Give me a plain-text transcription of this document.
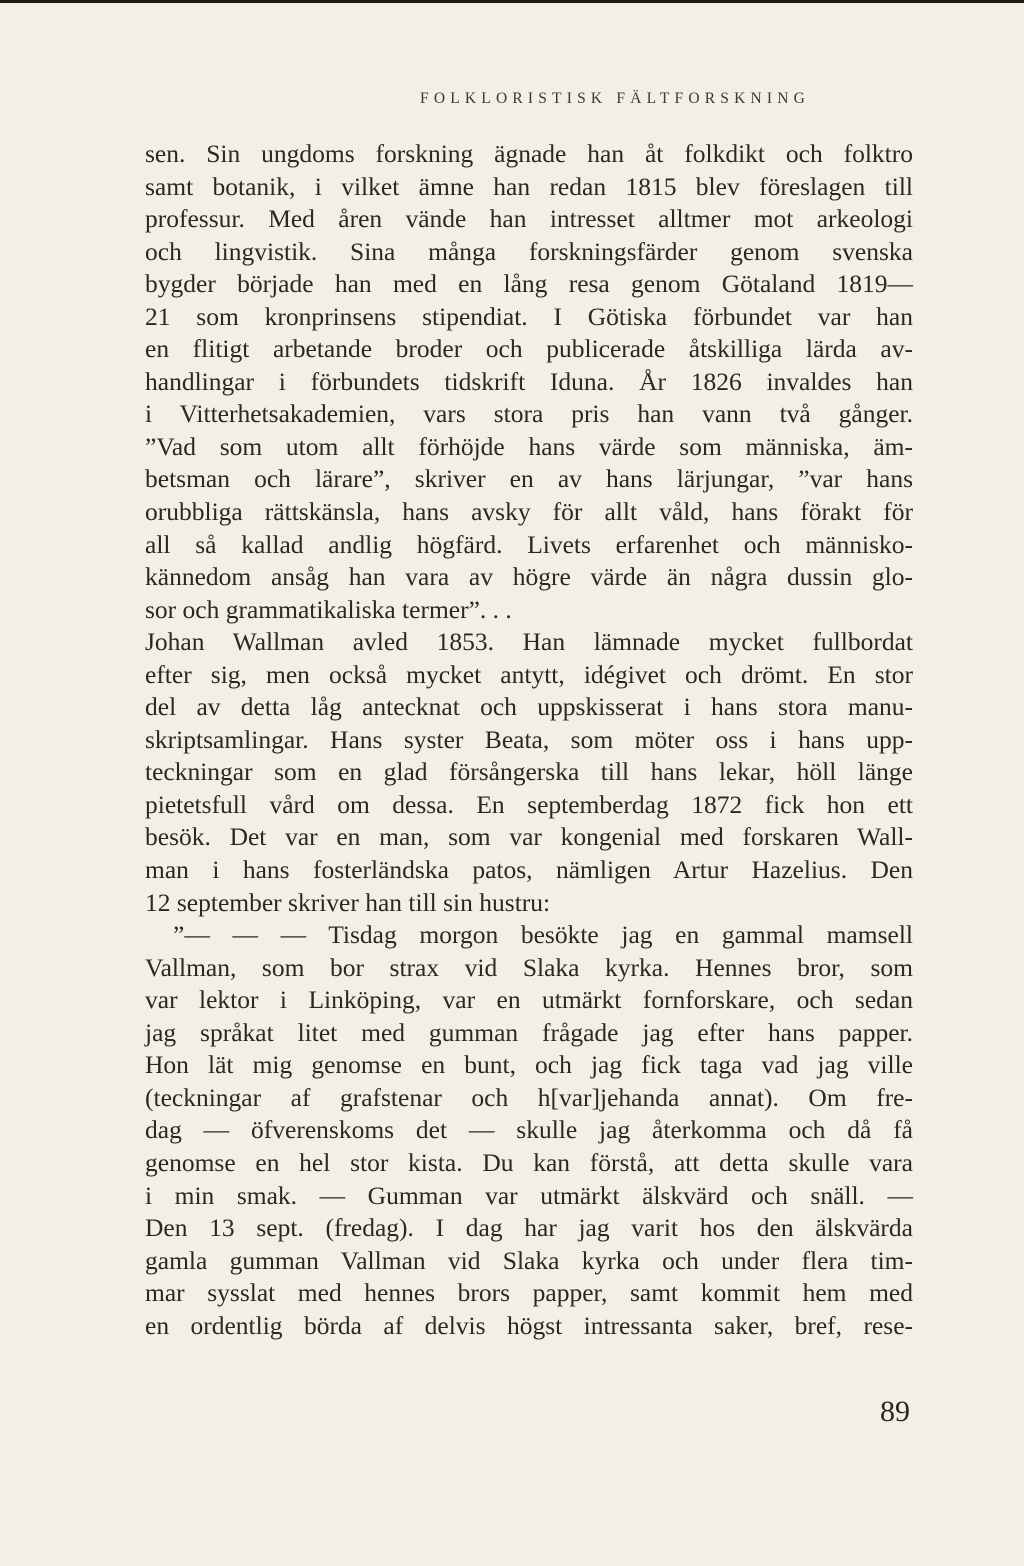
FOLKLORISTISK FÄLTFORSKNING
sen. Sin ungdoms forskning ägnade han åt folkdikt och folktro
samt botanik, i vilket ämne han redan 1815 blev föreslagen till
professur. Med åren vände han intresset alltmer mot arkeologi
och lingvistik. Sina många forskningsfärder genom svenska
bygder började han med en lång resa genom Götaland 1819—
21 som kronprinsens stipendiat. I Götiska förbundet var han
en flitigt arbetande broder och publicerade åtskilliga lärda av-
handlingar i förbundets tidskrift Iduna. År 1826 invaldes han
i Vitterhetsakademien, vars stora pris han vann två gånger.
”Vad som utom allt förhöjde hans värde som människa, äm-
betsman och lärare”, skriver en av hans lärjungar, ”var hans
orubbliga rättskänsla, hans avsky för allt våld, hans förakt för
all så kallad andlig högfärd. Livets erfarenhet och människo-
kännedom ansåg han vara av högre värde än några dussin glo-
sor och grammatikaliska termer”. . .
Johan Wallman avled 1853. Han lämnade mycket fullbordat
efter sig, men också mycket antytt, idégivet och drömt. En stor
del av detta låg antecknat och uppskisserat i hans stora manu-
skriptsamlingar. Hans syster Beata, som möter oss i hans upp-
teckningar som en glad försångerska till hans lekar, höll länge
pietetsfull vård om dessa. En septemberdag 1872 fick hon ett
besök. Det var en man, som var kongenial med forskaren Wall-
man i hans fosterländska patos, nämligen Artur Hazelius. Den
12 september skriver han till sin hustru:
”— — — Tisdag morgon besökte jag en gammal mamsell
Vallman, som bor strax vid Slaka kyrka. Hennes bror, som
var lektor i Linköping, var en utmärkt fornforskare, och sedan
jag språkat litet med gumman frågade jag efter hans papper.
Hon lät mig genomse en bunt, och jag fick taga vad jag ville
(teckningar af grafstenar och h[var]jehanda annat). Om fre-
dag — öfverenskoms det — skulle jag återkomma och då få
genomse en hel stor kista. Du kan förstå, att detta skulle vara
i min smak. — Gumman var utmärkt älskvärd och snäll. —
Den 13 sept. (fredag). I dag har jag varit hos den älskvärda
gamla gumman Vallman vid Slaka kyrka och under flera tim-
mar sysslat med hennes brors papper, samt kommit hem med
en ordentlig börda af delvis högst intressanta saker, bref, rese-
89
